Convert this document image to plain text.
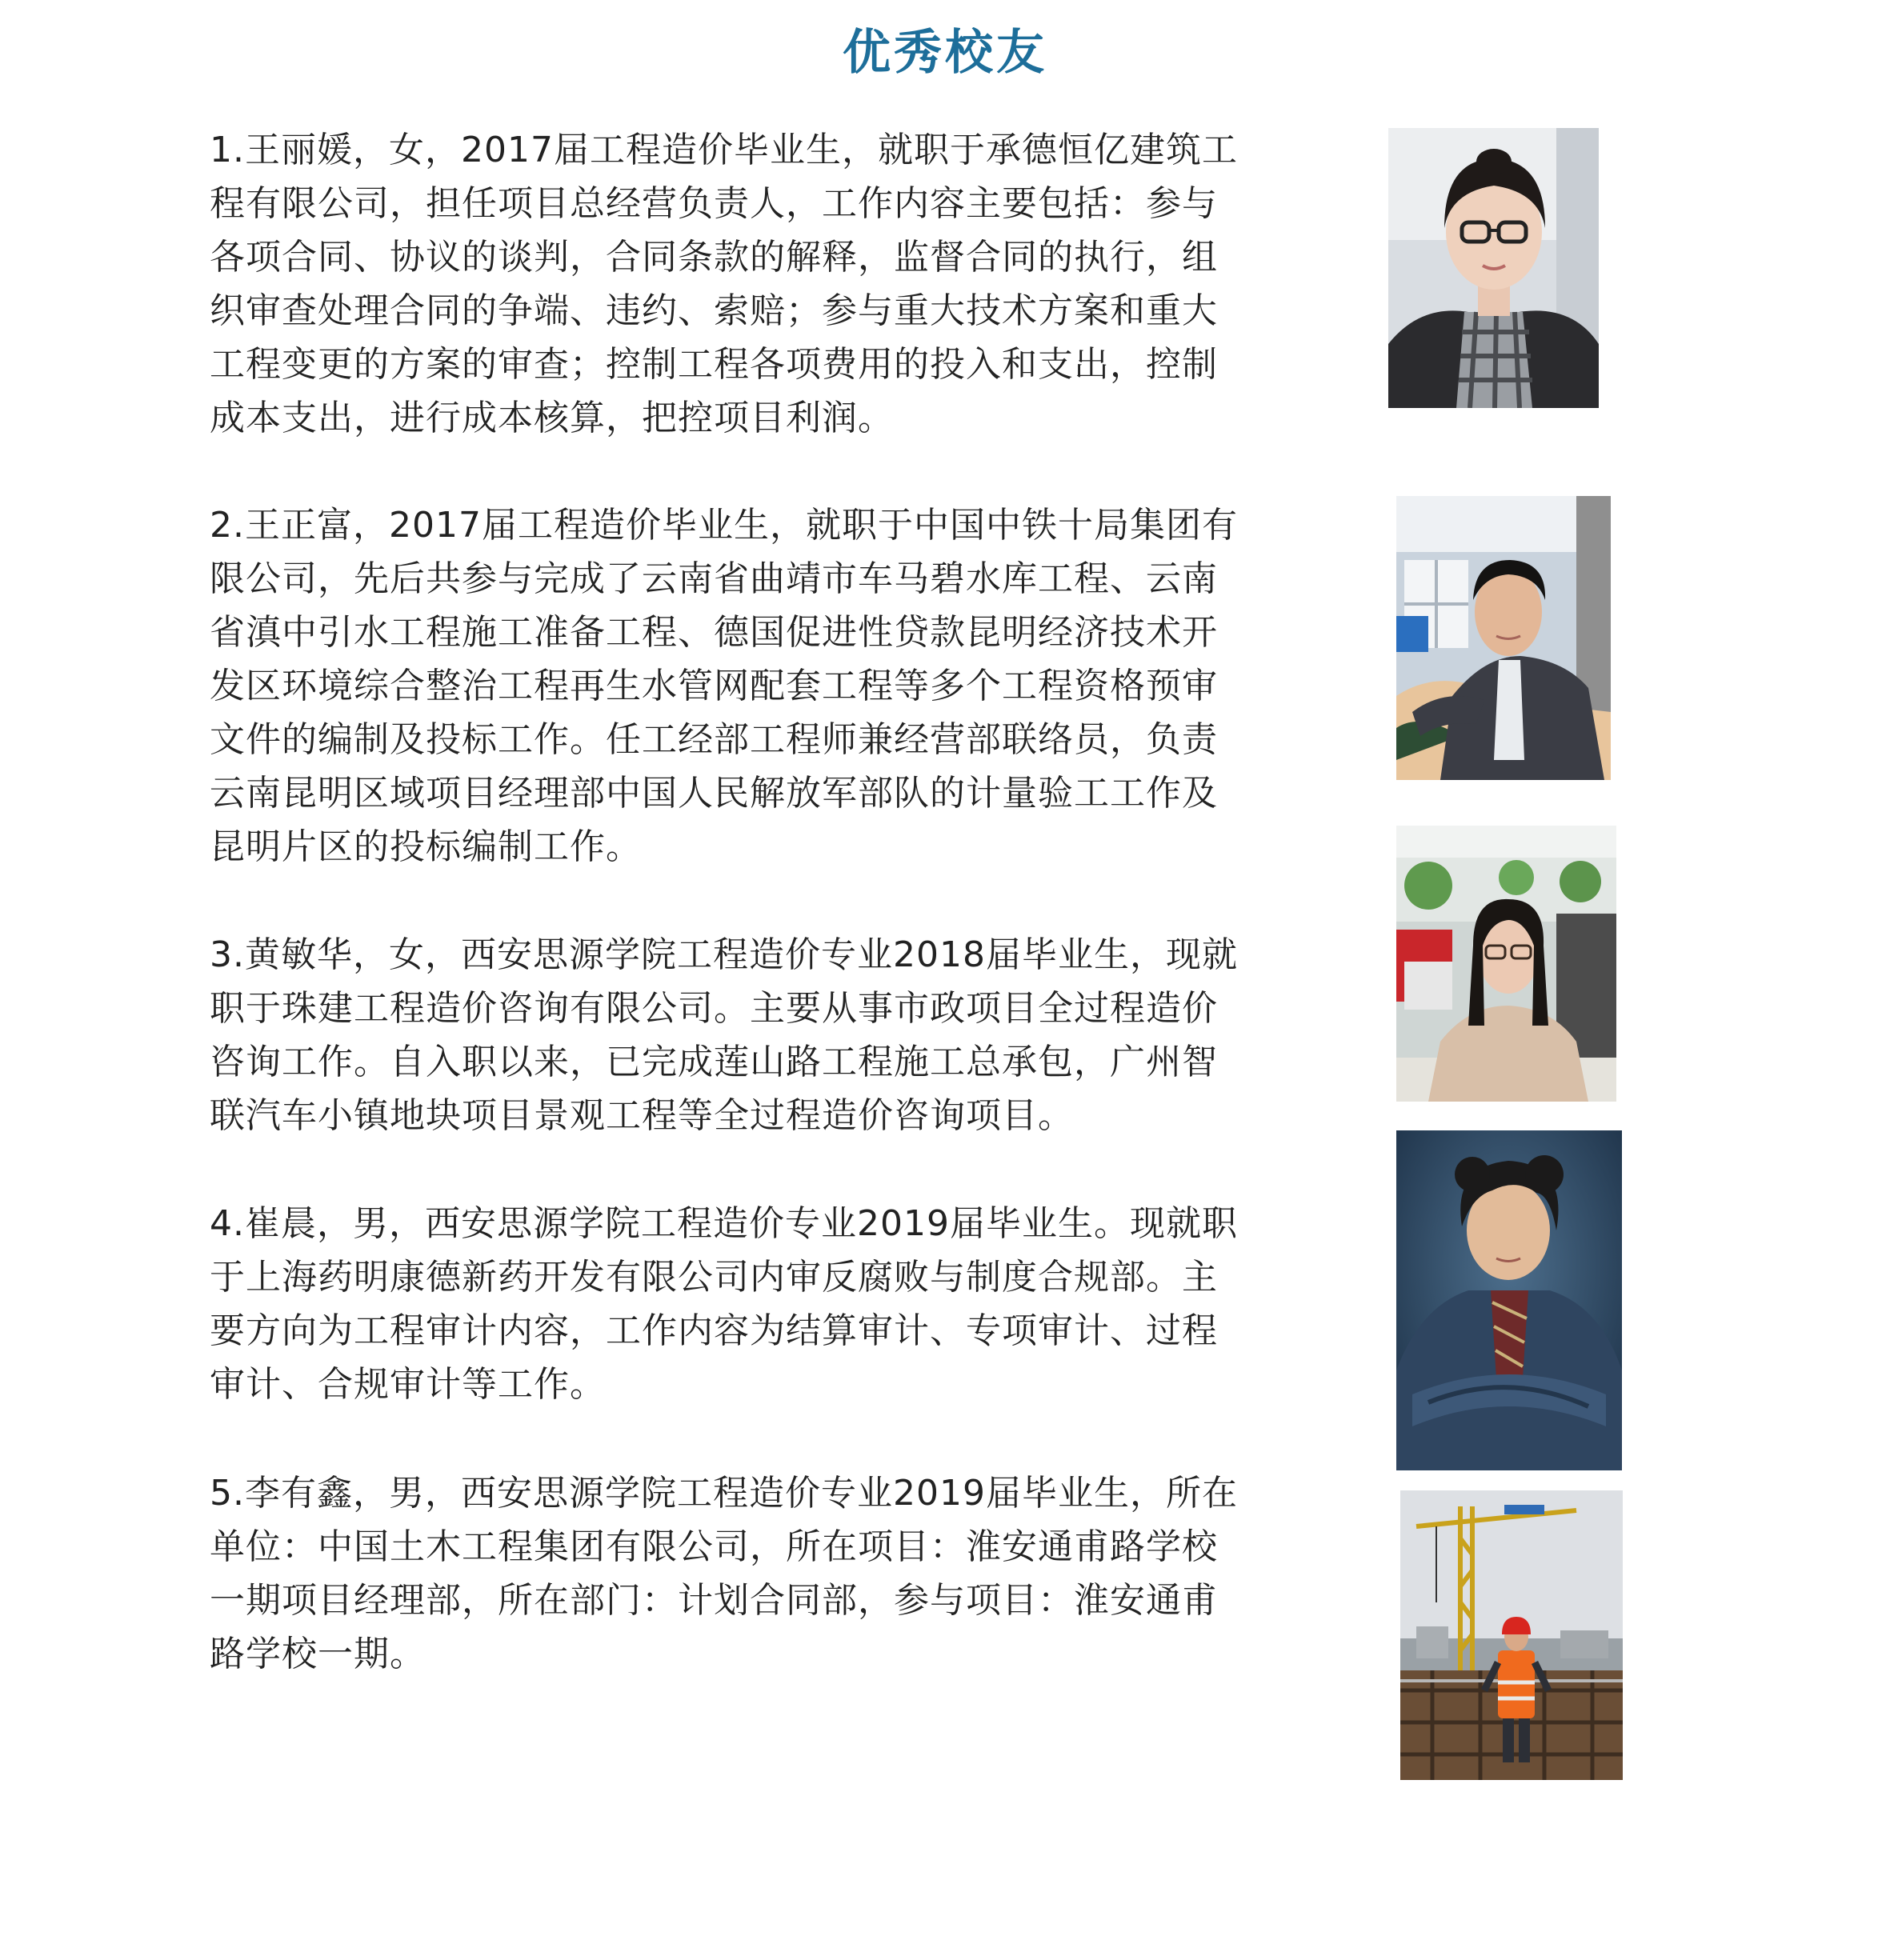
优秀校友

1.王丽媛，女，2017届工程造价毕业生，就职于承德恒亿建筑工程有限公司，担任项目总经营负责人，工作内容主要包括：参与各项合同、协议的谈判，合同条款的解释，监督合同的执行，组织审查处理合同的争端、违约、索赔；参与重大技术方案和重大工程变更的方案的审查；控制工程各项费用的投入和支出，控制成本支出，进行成本核算，把控项目利润。

2.王正富，2017届工程造价毕业生，就职于中国中铁十局集团有限公司，先后共参与完成了云南省曲靖市车马碧水库工程、云南省滇中引水工程施工准备工程、德国促进性贷款昆明经济技术开发区环境综合整治工程再生水管网配套工程等多个工程资格预审文件的编制及投标工作。任工经部工程师兼经营部联络员，负责云南昆明区域项目经理部中国人民解放军部队的计量验工工作及昆明片区的投标编制工作。

3.黄敏华，女，西安思源学院工程造价专业2018届毕业生，现就职于珠建工程造价咨询有限公司。主要从事市政项目全过程造价咨询工作。自入职以来，已完成莲山路工程施工总承包，广州智联汽车小镇地块项目景观工程等全过程造价咨询项目。

4.崔晨，男，西安思源学院工程造价专业2019届毕业生。现就职于上海药明康德新药开发有限公司内审反腐败与制度合规部。主要方向为工程审计内容，工作内容为结算审计、专项审计、过程审计、合规审计等工作。

5.李有鑫，男，西安思源学院工程造价专业2019届毕业生，所在单位：中国土木工程集团有限公司，所在项目：淮安通甫路学校一期项目经理部，所在部门：计划合同部，参与项目：淮安通甫路学校一期。
